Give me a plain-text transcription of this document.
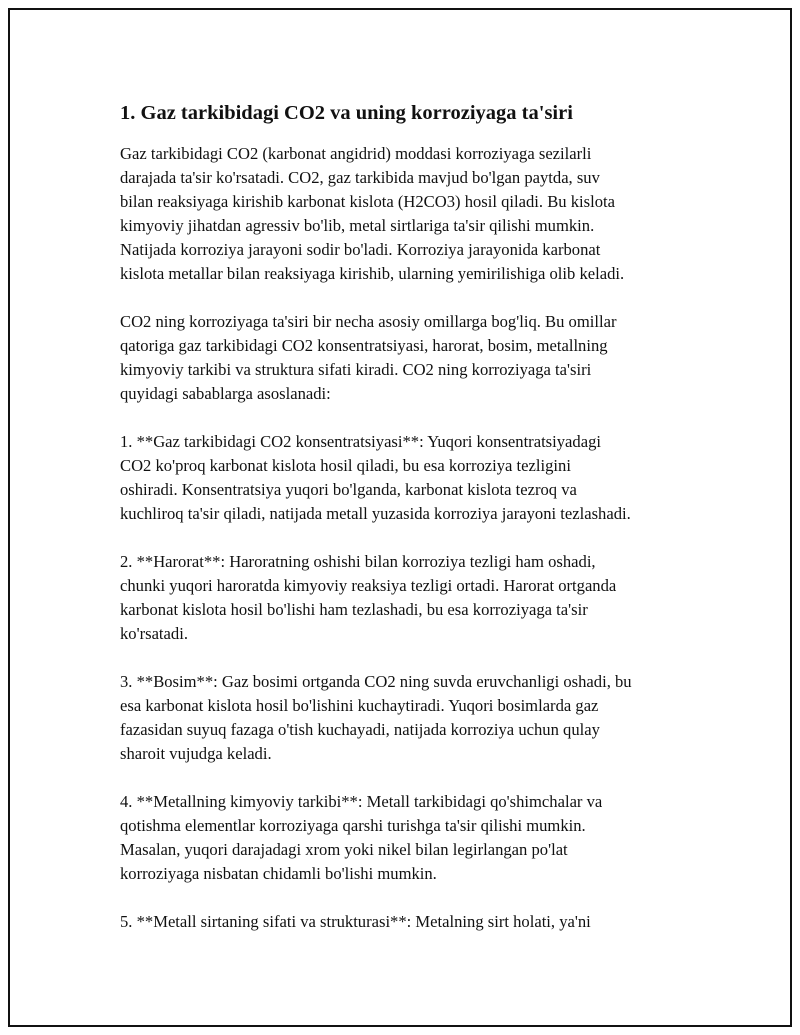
1. Gaz tarkibidagi CO2 va uning korroziyaga ta'siri

Gaz tarkibidagi CO2 (karbonat angidrid) moddasi korroziyaga sezilarli
darajada ta'sir ko'rsatadi. CO2, gaz tarkibida mavjud bo'lgan paytda, suv
bilan reaksiyaga kirishib karbonat kislota (H2CO3) hosil qiladi. Bu kislota
kimyoviy jihatdan agressiv bo'lib, metal sirtlariga ta'sir qilishi mumkin.
Natijada korroziya jarayoni sodir bo'ladi. Korroziya jarayonida karbonat
kislota metallar bilan reaksiyaga kirishib, ularning yemirilishiga olib keladi.

CO2 ning korroziyaga ta'siri bir necha asosiy omillarga bog'liq. Bu omillar
qatoriga gaz tarkibidagi CO2 konsentratsiyasi, harorat, bosim, metallning
kimyoviy tarkibi va struktura sifati kiradi. CO2 ning korroziyaga ta'siri
quyidagi sabablarga asoslanadi:

1. **Gaz tarkibidagi CO2 konsentratsiyasi**: Yuqori konsentratsiyadagi
CO2 ko'proq karbonat kislota hosil qiladi, bu esa korroziya tezligini
oshiradi. Konsentratsiya yuqori bo'lganda, karbonat kislota tezroq va
kuchliroq ta'sir qiladi, natijada metall yuzasida korroziya jarayoni tezlashadi.

2. **Harorat**: Haroratning oshishi bilan korroziya tezligi ham oshadi,
chunki yuqori haroratda kimyoviy reaksiya tezligi ortadi. Harorat ortganda
karbonat kislota hosil bo'lishi ham tezlashadi, bu esa korroziyaga ta'sir
ko'rsatadi.

3. **Bosim**: Gaz bosimi ortganda CO2 ning suvda eruvchanligi oshadi, bu
esa karbonat kislota hosil bo'lishini kuchaytiradi. Yuqori bosimlarda gaz
fazasidan suyuq fazaga o'tish kuchayadi, natijada korroziya uchun qulay
sharoit vujudga keladi.

4. **Metallning kimyoviy tarkibi**: Metall tarkibidagi qo'shimchalar va
qotishma elementlar korroziyaga qarshi turishga ta'sir qilishi mumkin.
Masalan, yuqori darajadagi xrom yoki nikel bilan legirlangan po'lat
korroziyaga nisbatan chidamli bo'lishi mumkin.

5. **Metall sirtaning sifati va strukturasi**: Metalning sirt holati, ya'ni
